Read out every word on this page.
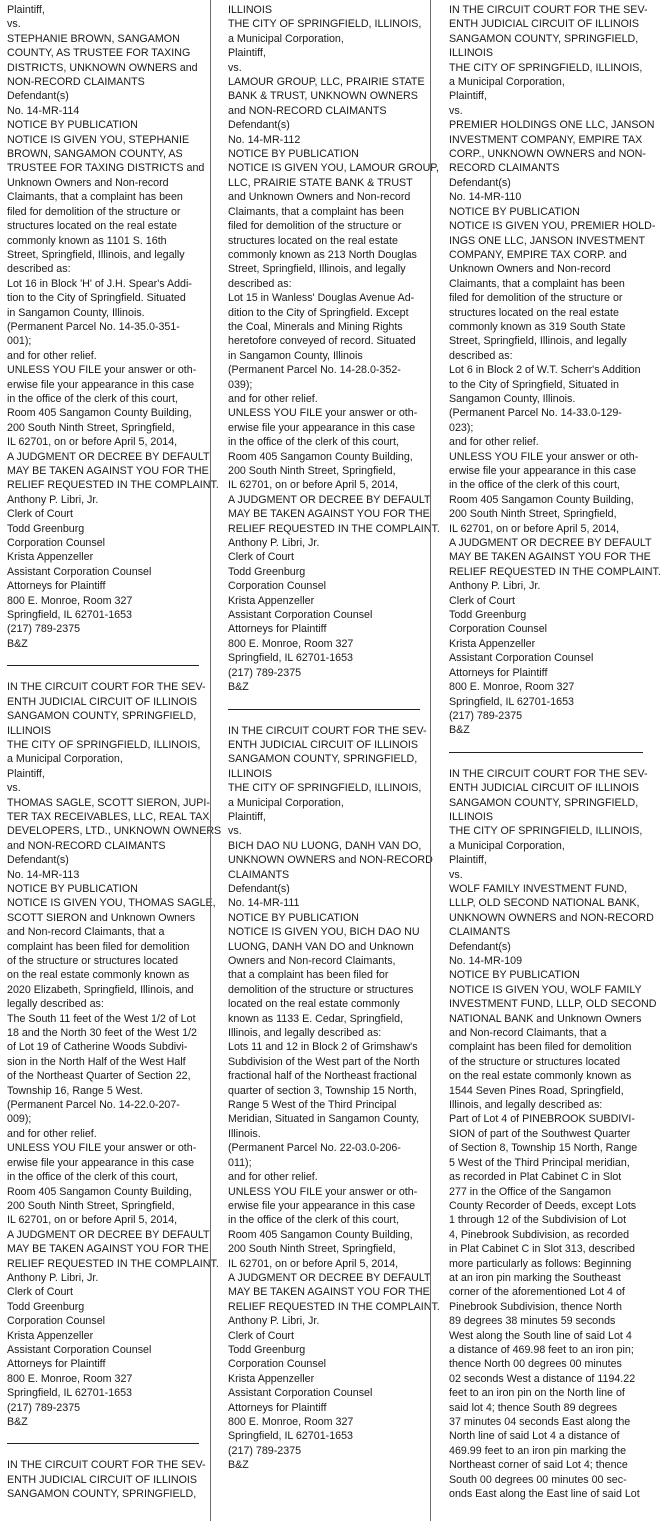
Plaintiff,
vs.
STEPHANIE BROWN, SANGAMON
COUNTY, AS TRUSTEE FOR TAXING
DISTRICTS, UNKNOWN OWNERS and
NON-RECORD CLAIMANTS
Defendant(s)
No. 14-MR-114
NOTICE BY PUBLICATION
NOTICE IS GIVEN YOU, STEPHANIE
BROWN, SANGAMON COUNTY, AS
TRUSTEE FOR TAXING DISTRICTS and
Unknown Owners and Non-record
Claimants, that a complaint has been
filed for demolition of the structure or
structures located on the real estate
commonly known as 1101 S. 16th
Street, Springfield, Illinois, and legally
described as:
Lot 16 in Block 'H' of J.H. Spear's Addi-
tion to the City of Springfield. Situated
in Sangamon County, Illinois.
(Permanent Parcel No. 14-35.0-351-
001);
and for other relief.
UNLESS YOU FILE your answer or oth-
erwise file your appearance in this case
in the office of the clerk of this court,
Room 405 Sangamon County Building,
200 South Ninth Street, Springfield,
IL 62701, on or before April 5, 2014,
A JUDGMENT OR DECREE BY DEFAULT
MAY BE TAKEN AGAINST YOU FOR THE
RELIEF REQUESTED IN THE COMPLAINT.
Anthony P. Libri, Jr.
Clerk of Court
Todd Greenburg
Corporation Counsel
Krista Appenzeller
Assistant Corporation Counsel
Attorneys for Plaintiff
800 E. Monroe, Room 327
Springfield, IL 62701-1653
(217) 789-2375
B&Z
IN THE CIRCUIT COURT FOR THE SEV-
ENTH JUDICIAL CIRCUIT OF ILLINOIS
SANGAMON COUNTY, SPRINGFIELD,
ILLINOIS
THE CITY OF SPRINGFIELD, ILLINOIS,
a Municipal Corporation,
Plaintiff,
vs.
THOMAS SAGLE, SCOTT SIERON, JUPI-
TER TAX RECEIVABLES, LLC, REAL TAX
DEVELOPERS, LTD., UNKNOWN OWNERS
and NON-RECORD CLAIMANTS
Defendant(s)
No. 14-MR-113
NOTICE BY PUBLICATION
NOTICE IS GIVEN YOU, THOMAS SAGLE,
SCOTT SIERON and Unknown Owners
and Non-record Claimants, that a
complaint has been filed for demolition
of the structure or structures located
on the real estate commonly known as
2020 Elizabeth, Springfield, Illinois, and
legally described as:
The South 11 feet of the West 1/2 of Lot
18 and the North 30 feet of the West 1/2
of Lot 19 of Catherine Woods Subdivi-
sion in the North Half of the West Half
of the Northeast Quarter of Section 22,
Township 16, Range 5 West.
(Permanent Parcel No. 14-22.0-207-
009);
and for other relief.
UNLESS YOU FILE your answer or oth-
erwise file your appearance in this case
in the office of the clerk of this court,
Room 405 Sangamon County Building,
200 South Ninth Street, Springfield,
IL 62701, on or before April 5, 2014,
A JUDGMENT OR DECREE BY DEFAULT
MAY BE TAKEN AGAINST YOU FOR THE
RELIEF REQUESTED IN THE COMPLAINT.
Anthony P. Libri, Jr.
Clerk of Court
Todd Greenburg
Corporation Counsel
Krista Appenzeller
Assistant Corporation Counsel
Attorneys for Plaintiff
800 E. Monroe, Room 327
Springfield, IL 62701-1653
(217) 789-2375
B&Z
IN THE CIRCUIT COURT FOR THE SEV-
ENTH JUDICIAL CIRCUIT OF ILLINOIS
SANGAMON COUNTY, SPRINGFIELD,
ILLINOIS
THE CITY OF SPRINGFIELD, ILLINOIS,
a Municipal Corporation,
Plaintiff,
vs.
LAMOUR GROUP, LLC, PRAIRIE STATE
BANK & TRUST, UNKNOWN OWNERS
and NON-RECORD CLAIMANTS
Defendant(s)
No. 14-MR-112
NOTICE BY PUBLICATION
NOTICE IS GIVEN YOU, LAMOUR GROUP,
LLC, PRAIRIE STATE BANK & TRUST
and Unknown Owners and Non-record
Claimants, that a complaint has been
filed for demolition of the structure or
structures located on the real estate
commonly known as 213 North Douglas
Street, Springfield, Illinois, and legally
described as:
Lot 15 in Wanless' Douglas Avenue Ad-
dition to the City of Springfield. Except
the Coal, Minerals and Mining Rights
heretofore conveyed of record. Situated
in Sangamon County, Illinois
(Permanent Parcel No. 14-28.0-352-
039);
and for other relief.
UNLESS YOU FILE your answer or oth-
erwise file your appearance in this case
in the office of the clerk of this court,
Room 405 Sangamon County Building,
200 South Ninth Street, Springfield,
IL 62701, on or before April 5, 2014,
A JUDGMENT OR DECREE BY DEFAULT
MAY BE TAKEN AGAINST YOU FOR THE
RELIEF REQUESTED IN THE COMPLAINT.
Anthony P. Libri, Jr.
Clerk of Court
Todd Greenburg
Corporation Counsel
Krista Appenzeller
Assistant Corporation Counsel
Attorneys for Plaintiff
800 E. Monroe, Room 327
Springfield, IL 62701-1653
(217) 789-2375
B&Z
IN THE CIRCUIT COURT FOR THE SEV-
ENTH JUDICIAL CIRCUIT OF ILLINOIS
SANGAMON COUNTY, SPRINGFIELD,
ILLINOIS
THE CITY OF SPRINGFIELD, ILLINOIS,
a Municipal Corporation,
Plaintiff,
vs.
BICH DAO NU LUONG, DANH VAN DO,
UNKNOWN OWNERS and NON-RECORD
CLAIMANTS
Defendant(s)
No. 14-MR-111
NOTICE BY PUBLICATION
NOTICE IS GIVEN YOU, BICH DAO NU
LUONG, DANH VAN DO and Unknown
Owners and Non-record Claimants,
that a complaint has been filed for
demolition of the structure or structures
located on the real estate commonly
known as 1133 E. Cedar, Springfield,
Illinois, and legally described as:
Lots 11 and 12 in Block 2 of Grimshaw's
Subdivision of the West part of the North
fractional half of the Northeast fractional
quarter of section 3, Township 15 North,
Range 5 West of the Third Principal
Meridian, Situated in Sangamon County,
Illinois.
(Permanent Parcel No. 22-03.0-206-
011);
and for other relief.
UNLESS YOU FILE your answer or oth-
erwise file your appearance in this case
in the office of the clerk of this court,
Room 405 Sangamon County Building,
200 South Ninth Street, Springfield,
IL 62701, on or before April 5, 2014,
A JUDGMENT OR DECREE BY DEFAULT
MAY BE TAKEN AGAINST YOU FOR THE
RELIEF REQUESTED IN THE COMPLAINT.
Anthony P. Libri, Jr.
Clerk of Court
Todd Greenburg
Corporation Counsel
Krista Appenzeller
Assistant Corporation Counsel
Attorneys for Plaintiff
800 E. Monroe, Room 327
Springfield, IL 62701-1653
(217) 789-2375
B&Z
IN THE CIRCUIT COURT FOR THE SEV-
ENTH JUDICIAL CIRCUIT OF ILLINOIS
SANGAMON COUNTY, SPRINGFIELD,
ILLINOIS
THE CITY OF SPRINGFIELD, ILLINOIS,
a Municipal Corporation,
Plaintiff,
vs.
PREMIER HOLDINGS ONE LLC, JANSON
INVESTMENT COMPANY, EMPIRE TAX
CORP., UNKNOWN OWNERS and NON-
RECORD CLAIMANTS
Defendant(s)
No. 14-MR-110
NOTICE BY PUBLICATION
NOTICE IS GIVEN YOU, PREMIER HOLD-
INGS ONE LLC, JANSON INVESTMENT
COMPANY, EMPIRE TAX CORP. and
Unknown Owners and Non-record
Claimants, that a complaint has been
filed for demolition of the structure or
structures located on the real estate
commonly known as 319 South State
Street, Springfield, Illinois, and legally
described as:
Lot 6 in Block 2 of W.T. Scherr's Addition
to the City of Springfield, Situated in
Sangamon County, Illinois.
(Permanent Parcel No. 14-33.0-129-
023);
and for other relief.
UNLESS YOU FILE your answer or oth-
erwise file your appearance in this case
in the office of the clerk of this court,
Room 405 Sangamon County Building,
200 South Ninth Street, Springfield,
IL 62701, on or before April 5, 2014,
A JUDGMENT OR DECREE BY DEFAULT
MAY BE TAKEN AGAINST YOU FOR THE
RELIEF REQUESTED IN THE COMPLAINT.
Anthony P. Libri, Jr.
Clerk of Court
Todd Greenburg
Corporation Counsel
Krista Appenzeller
Assistant Corporation Counsel
Attorneys for Plaintiff
800 E. Monroe, Room 327
Springfield, IL 62701-1653
(217) 789-2375
B&Z
IN THE CIRCUIT COURT FOR THE SEV-
ENTH JUDICIAL CIRCUIT OF ILLINOIS
SANGAMON COUNTY, SPRINGFIELD,
ILLINOIS
THE CITY OF SPRINGFIELD, ILLINOIS,
a Municipal Corporation,
Plaintiff,
vs.
WOLF FAMILY INVESTMENT FUND,
LLLP, OLD SECOND NATIONAL BANK,
UNKNOWN OWNERS and NON-RECORD
CLAIMANTS
Defendant(s)
No. 14-MR-109
NOTICE BY PUBLICATION
NOTICE IS GIVEN YOU, WOLF FAMILY
INVESTMENT FUND, LLLP, OLD SECOND
NATIONAL BANK and Unknown Owners
and Non-record Claimants, that a
complaint has been filed for demolition
of the structure or structures located
on the real estate commonly known as
1544 Seven Pines Road, Springfield,
Illinois, and legally described as:
Part of Lot 4 of PINEBROOK SUBDIVI-
SION of part of the Southwest Quarter
of Section 8, Township 15 North, Range
5 West of the Third Principal meridian,
as recorded in Plat Cabinet C in Slot
277 in the Office of the Sangamon
County Recorder of Deeds, except Lots
1 through 12 of the Subdivision of Lot
4, Pinebrook Subdivision, as recorded
in Plat Cabinet C in Slot 313, described
more particularly as follows: Beginning
at an iron pin marking the Southeast
corner of the aforementioned Lot 4 of
Pinebrook Subdivision, thence North
89 degrees 38 minutes 59 seconds
West along the South line of said Lot 4
a distance of 469.98 feet to an iron pin;
thence North 00 degrees 00 minutes
02 seconds West a distance of 1194.22
feet to an iron pin on the North line of
said lot 4; thence South 89 degrees
37 minutes 04 seconds East along the
North line of said Lot 4 a distance of
469.99 feet to an iron pin marking the
Northeast corner of said Lot 4; thence
South 00 degrees 00 minutes 00 sec-
onds East along the East line of said Lot
